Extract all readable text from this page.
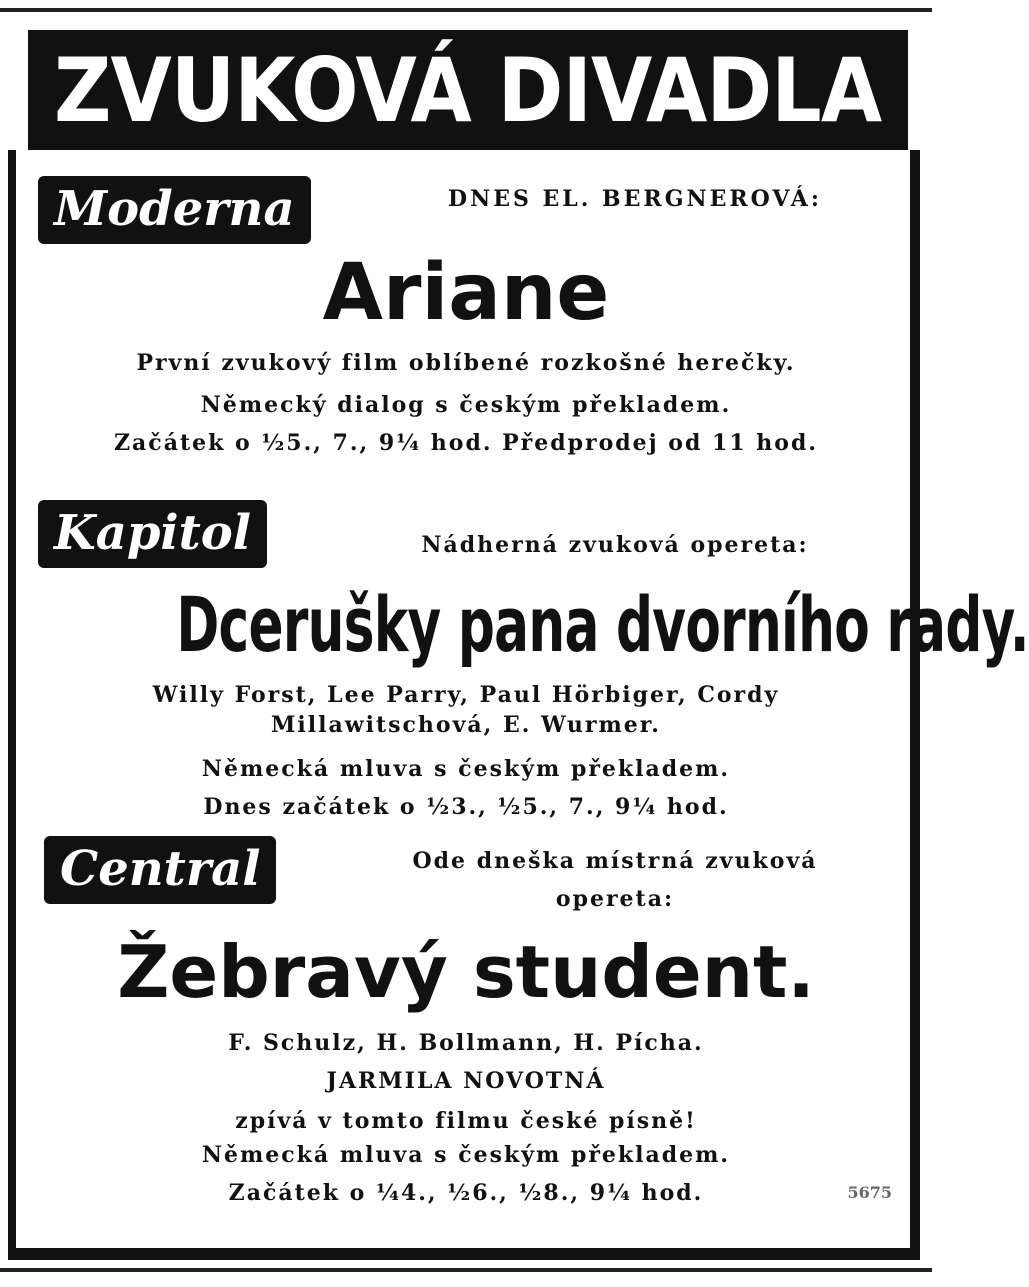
ZVUKOVÁ DIVADLA
Moderna	DNES EL. BERGNEROVÁ:
Ariane
První zvukový film oblíbené rozkošné herečky.
Německý dialog s českým překladem.
Začátek o ½5., 7., 9¼ hod. Předprodej od 11 hod.
Kapitol	Nádherná zvuková opereta:
Dcerušky pana dvorního rady.
Willy Forst, Lee Parry, Paul Hörbiger, Cordy
Millawitschová, E. Wurmer.
Německá mluva s českým překladem.
Dnes začátek o ½3., ½5., 7., 9¼ hod.
Central	Ode dneška místrná zvuková
opereta:
Žebravý student.
F. Schulz, H. Bollmann, H. Pícha.
JARMILA NOVOTNÁ
zpívá v tomto filmu české písně!
Německá mluva s českým překladem.
Začátek o ¼4., ½6., ½8., 9¼ hod.	5675
